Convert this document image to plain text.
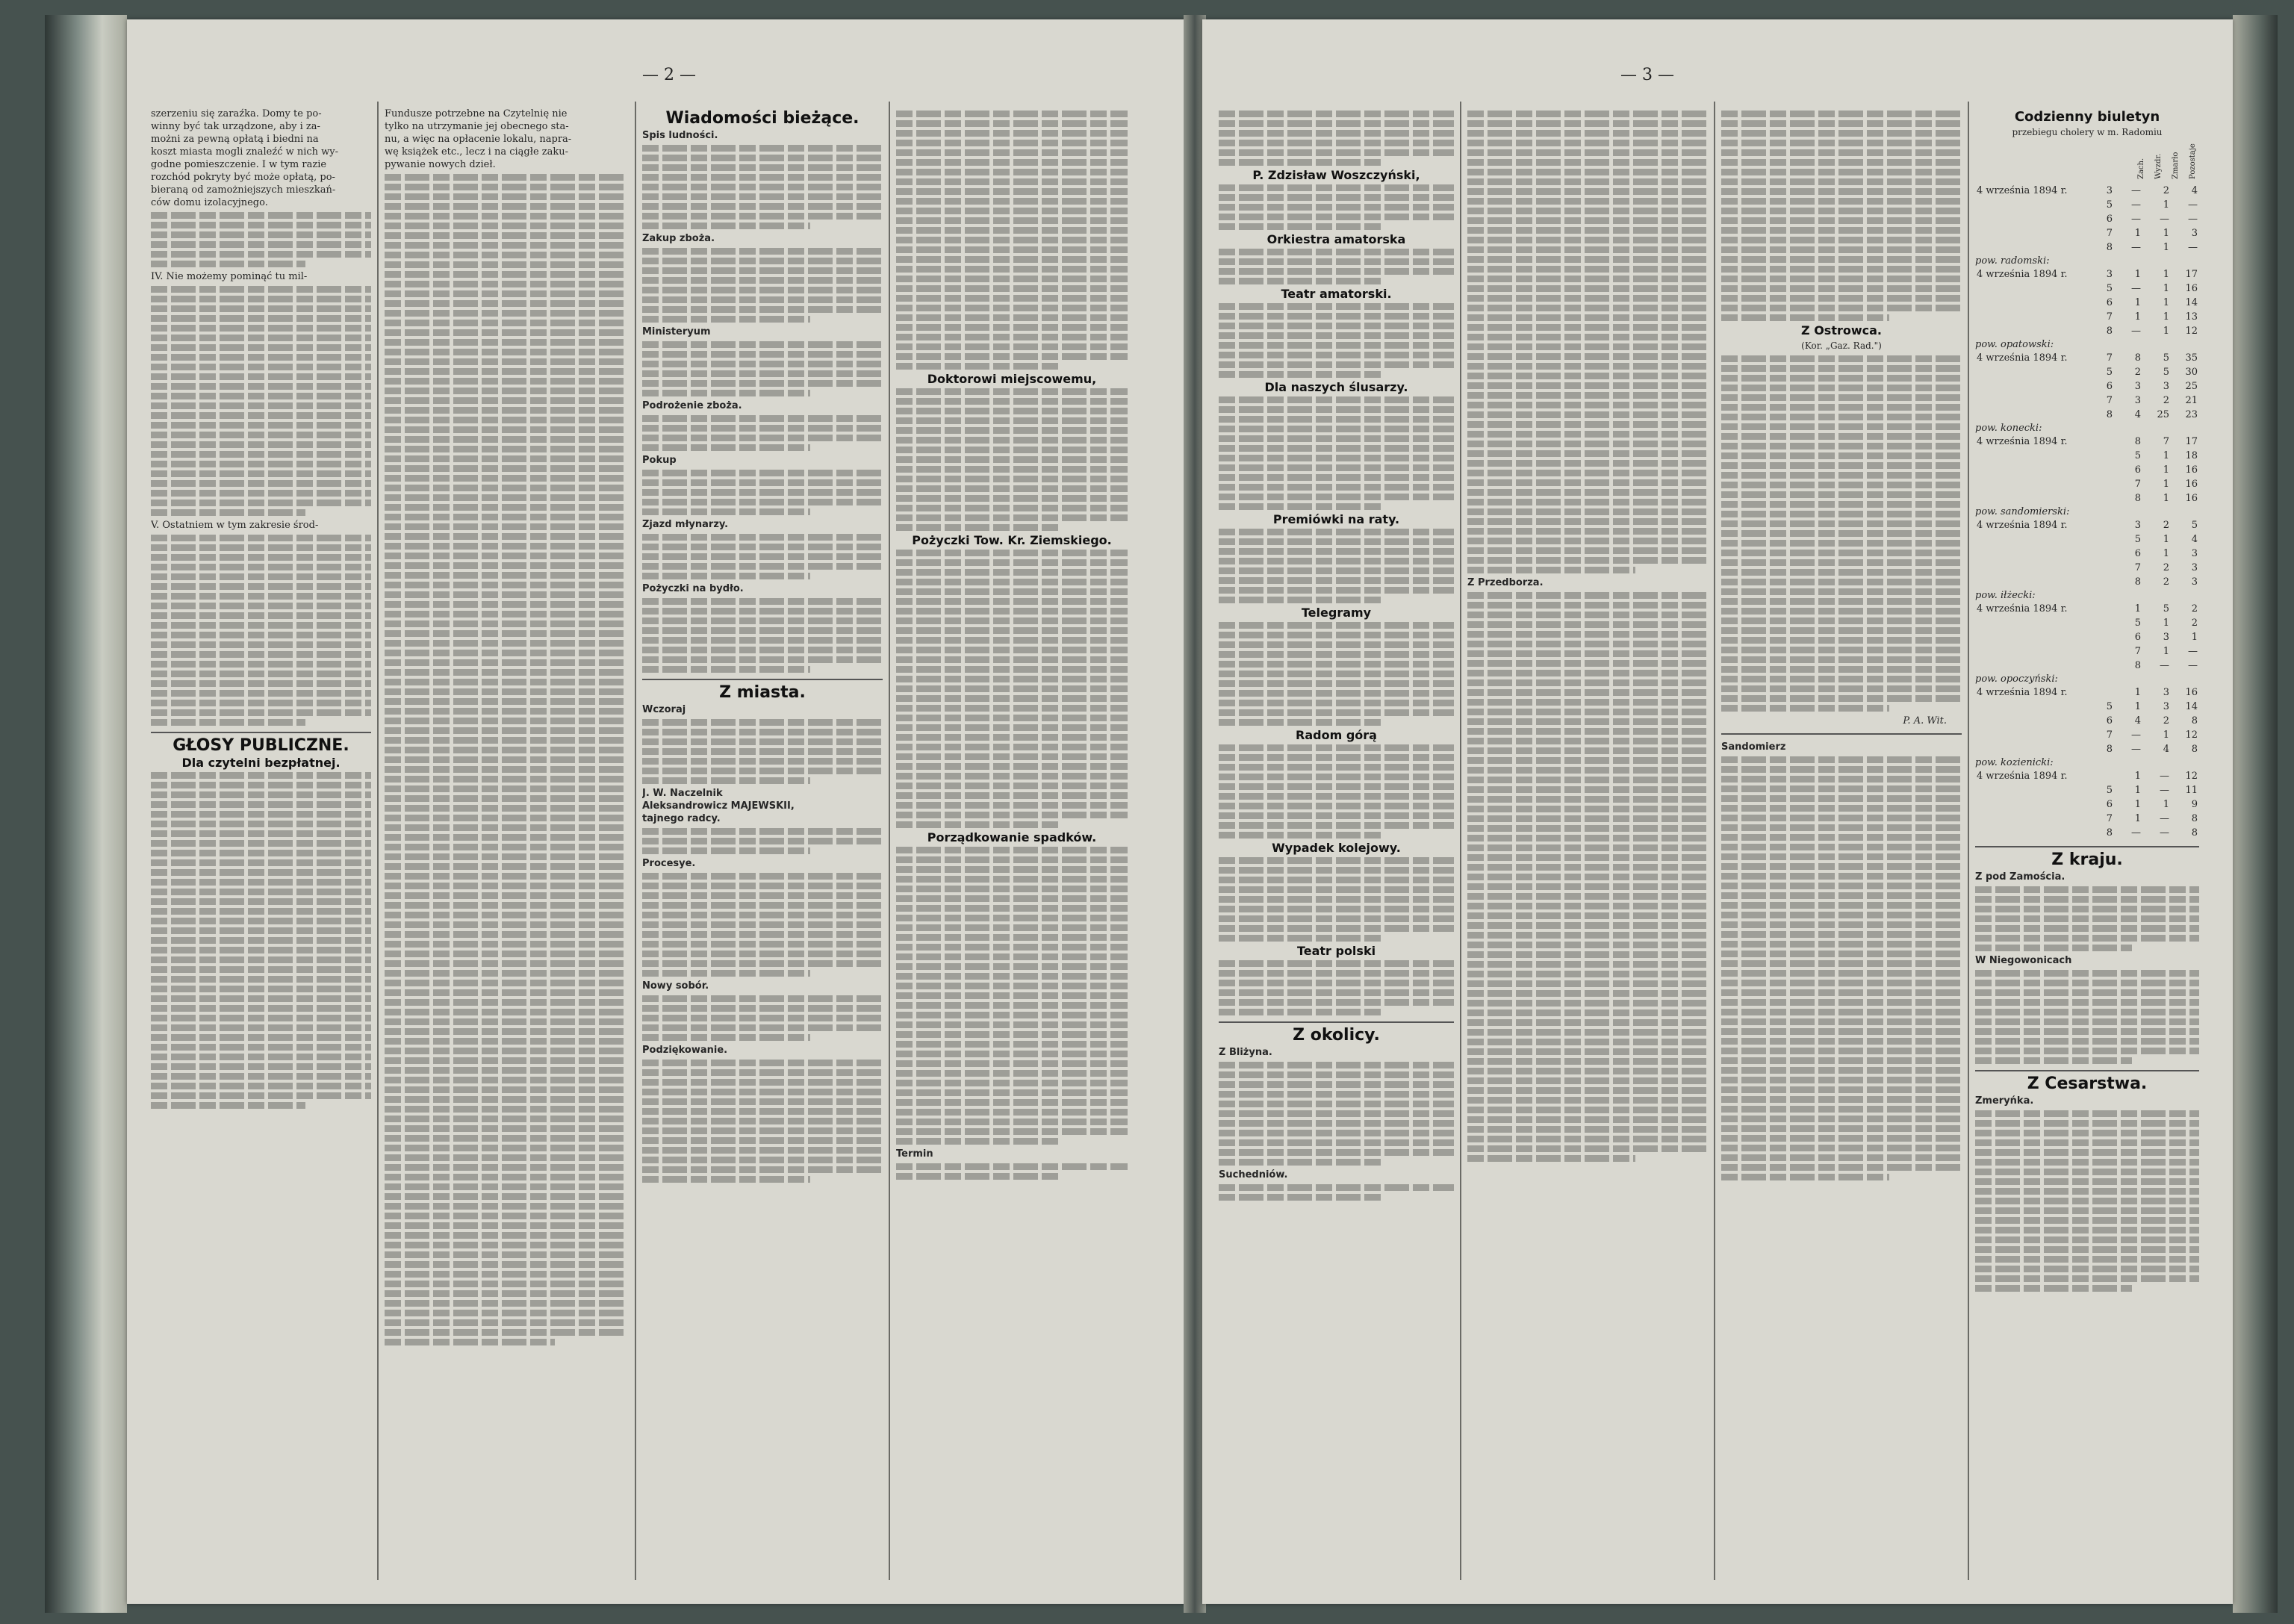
— 2 —
szerzeniu się zaraźka. Domy te po-
winny być tak urządzone, aby i za-
możni za pewną opłatą i biedni na
koszt miasta mogli znaleźć w nich wy-
godne pomieszczenie. I w tym razie
rozchód pokryty być może opłatą, po-
bieraną od zamożniejszych mieszkań-
ców domu izolacyjnego.
IV. Nie możemy pominąć tu mil-
V. Ostatniem w tym zakresie środ-
GŁOSY PUBLICZNE.
Dla czytelni bezpłatnej.
Fundusze potrzebne na Czytelnię nie
tylko na utrzymanie jej obecnego sta-
nu, a więc na opłacenie lokalu, napra-
wę książek etc., lecz i na ciągłe zaku-
pywanie nowych dzieł.
Wiadomości bieżące.
Spis ludności.
Zakup zboża.
Ministeryum
Podrożenie zboża.
Pokup
Zjazd młynarzy.
Pożyczki na bydło.
Z miasta.
Wczoraj
J. W. Naczelnik
Aleksandrowicz MAJEWSKII,
tajnego radcy.
Procesye.
Nowy sobór.
Podziękowanie.
Doktorowi miejscowemu,
Pożyczki Tow. Kr. Ziemskiego.
Porządkowanie spadków.
Termin
— 3 —
P. Zdzisław Woszczyński,
Orkiestra amatorska
Teatr amatorski.
Dla naszych ślusarzy.
Premiówki na raty.
Telegramy
Radom górą
Wypadek kolejowy.
Teatr polski
Z okolicy.
Z Bliżyna.
Suchedniów.
Z Przedborza.
Z Ostrowca.
(Kor. „Gaz. Rad.")
P. A. Wit.
Sandomierz
Codzienny biuletyn
przebiegu cholery w m. Radomiu
Zach.	Wyzdr.	Zmarło	Pozostaje
4 września 1894 r.	3	—	2	4
	5	—	1	—
	6	—	—	—
	7	1	1	3
	8	—	1	—
pow. radomski:
4 września 1894 r.	3	1	1	17
	5	—	1	16
	6	1	1	14
	7	1	1	13
	8	—	1	12
pow. opatowski:
4 września 1894 r.	7	8	5	35
	5	2	5	30
	6	3	3	25
	7	3	2	21
	8	4	25	23
pow. konecki:
4 września 1894 r.		8	7	17
		5	1	18
		6	1	16
		7	1	16
		8	1	16
pow. sandomierski:
4 września 1894 r.		3	2	5
		5	1	4
		6	1	3
		7	2	3
		8	2	3
pow. iłżecki:
4 września 1894 r.		1	5	2
		5	1	2
		6	3	1
		7	1	—
		8	—	—
pow. opoczyński:
4 września 1894 r.		1	3	16
	5	1	3	14
	6	4	2	8
	7	—	1	12
	8	—	4	8
pow. kozienicki:
4 września 1894 r.		1	—	12
	5	1	—	11
	6	1	1	9
	7	1	—	8
	8	—	—	8
Z kraju.
Z pod Zamościa.
W Niegowonicach
Z Cesarstwa.
Zmeryńka.
